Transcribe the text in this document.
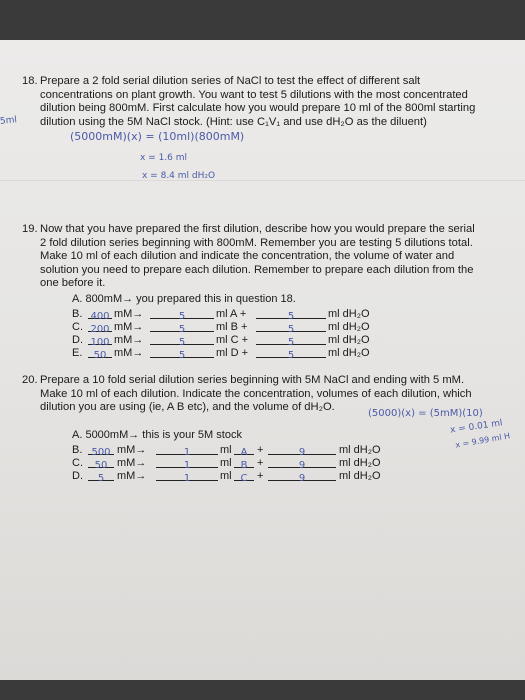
18. Prepare a 2 fold serial dilution series of NaCl to test the effect of different salt
concentrations on plant growth. You want to test 5 dilutions with the most concentrated
dilution being 800mM. First calculate how you would prepare 10 ml of the 800ml starting
dilution using the 5M NaCl stock. (Hint: use C₁V₁ and use dH₂O as the diluent)
5ml
(5000mM)(x) = (10ml)(800mM)
x = 1.6 ml
x = 8.4 ml dH₂O
19. Now that you have prepared the first dilution, describe how you would prepare the serial
2 fold dilution series beginning with 800mM. Remember you are testing 5 dilutions total.
Make 10 ml of each dilution and indicate the concentration, the volume of water and
solution you need to prepare each dilution. Remember to prepare each dilution from the
one before it.
A. 800mM→ you prepared this in question 18.
B. 400 mM→	5	ml A +	5	ml dH₂O
C. 200 mM→	5	ml B +	5	ml dH₂O
D. 100 mM→	5	ml C +	5	ml dH₂O
E.	50 mM→	5	ml D +	5	ml dH₂O
20. Prepare a 10 fold serial dilution series beginning with 5M NaCl and ending with 5 mM.
Make 10 ml of each dilution. Indicate the concentration, volumes of each dilution, which
dilution you are using (ie, A B etc), and the volume of dH₂O.
(5000)(x) = (5mM)(10)
x = 0.01 ml
x = 9.99 ml H
A. 5000mM→ this is your 5M stock
B. 500 mM→	1	ml A +	9	ml dH₂O
C.	50 mM→	1	ml B +	9	ml dH₂O
D.	5	mM→	1	ml C +	9	ml dH₂O
